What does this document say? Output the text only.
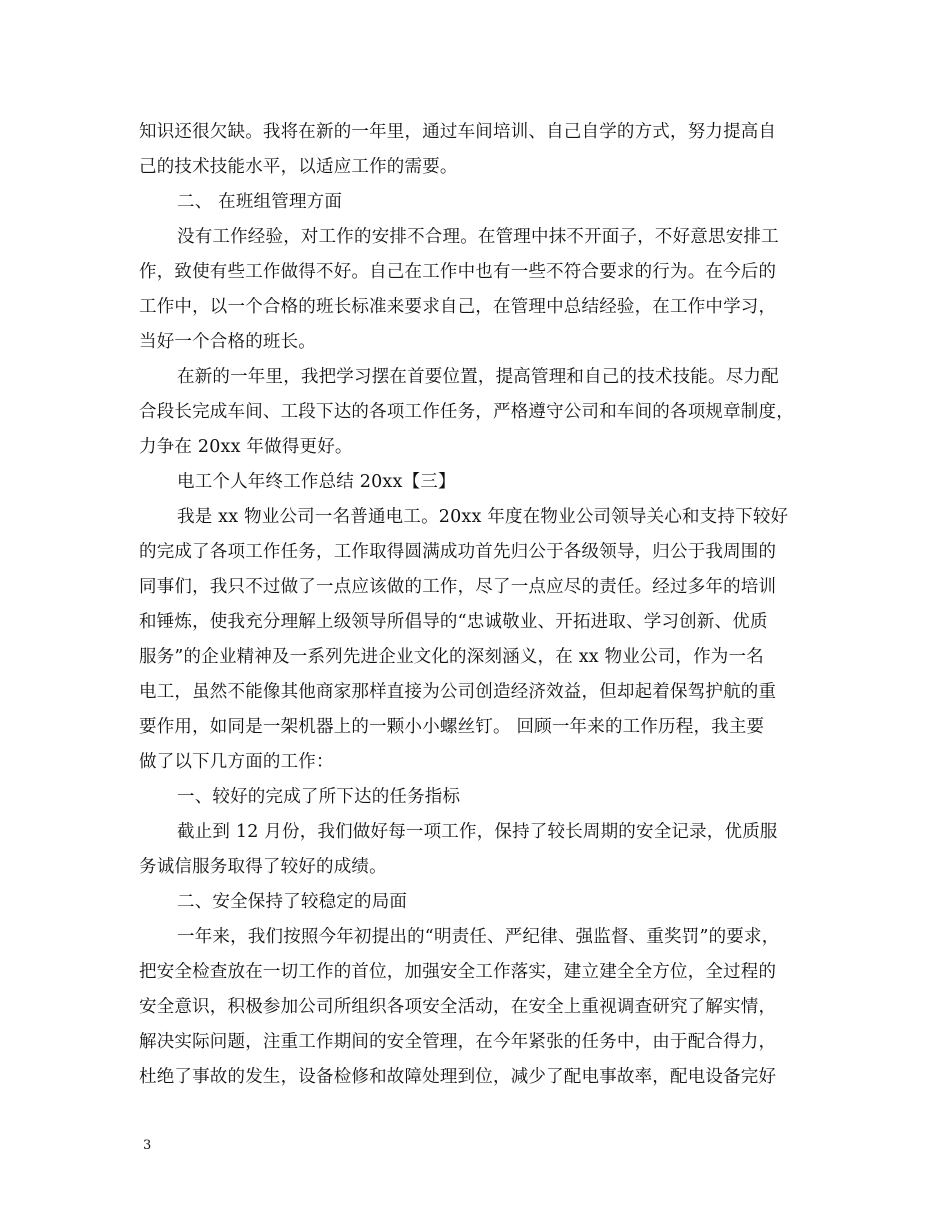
知识还很欠缺。我将在新的一年里，通过车间培训、自己自学的方式，努力提高自
己的技术技能水平，以适应工作的需要。
二、 在班组管理方面
没有工作经验，对工作的安排不合理。在管理中抹不开面子，不好意思安排工
作，致使有些工作做得不好。自己在工作中也有一些不符合要求的行为。在今后的
工作中，以一个合格的班长标准来要求自己，在管理中总结经验，在工作中学习，
当好一个合格的班长。
在新的一年里，我把学习摆在首要位置，提高管理和自己的技术技能。尽力配
合段长完成车间、工段下达的各项工作任务，严格遵守公司和车间的各项规章制度，
力争在 20xx 年做得更好。
电工个人年终工作总结 20xx【三】
我是 xx 物业公司一名普通电工。20xx 年度在物业公司领导关心和支持下较好
的完成了各项工作任务，工作取得圆满成功首先归公于各级领导，归公于我周围的
同事们，我只不过做了一点应该做的工作，尽了一点应尽的责任。经过多年的培训
和锤炼，使我充分理解上级领导所倡导的“忠诚敬业、开拓进取、学习创新、优质
服务”的企业精神及一系列先进企业文化的深刻涵义，在 xx 物业公司，作为一名
电工，虽然不能像其他商家那样直接为公司创造经济效益，但却起着保驾护航的重
要作用，如同是一架机器上的一颗小小螺丝钉。 回顾一年来的工作历程，我主要
做了以下几方面的工作：
一、较好的完成了所下达的任务指标
截止到 12 月份，我们做好每一项工作，保持了较长周期的安全记录，优质服
务诚信服务取得了较好的成绩。
二、安全保持了较稳定的局面
一年来，我们按照今年初提出的“明责任、严纪律、强监督、重奖罚”的要求，
把安全检查放在一切工作的首位，加强安全工作落实，建立建全全方位，全过程的
安全意识，积极参加公司所组织各项安全活动，在安全上重视调查研究了解实情，
解决实际问题，注重工作期间的安全管理，在今年紧张的任务中，由于配合得力，
杜绝了事故的发生，设备检修和故障处理到位，减少了配电事故率，配电设备完好
3
